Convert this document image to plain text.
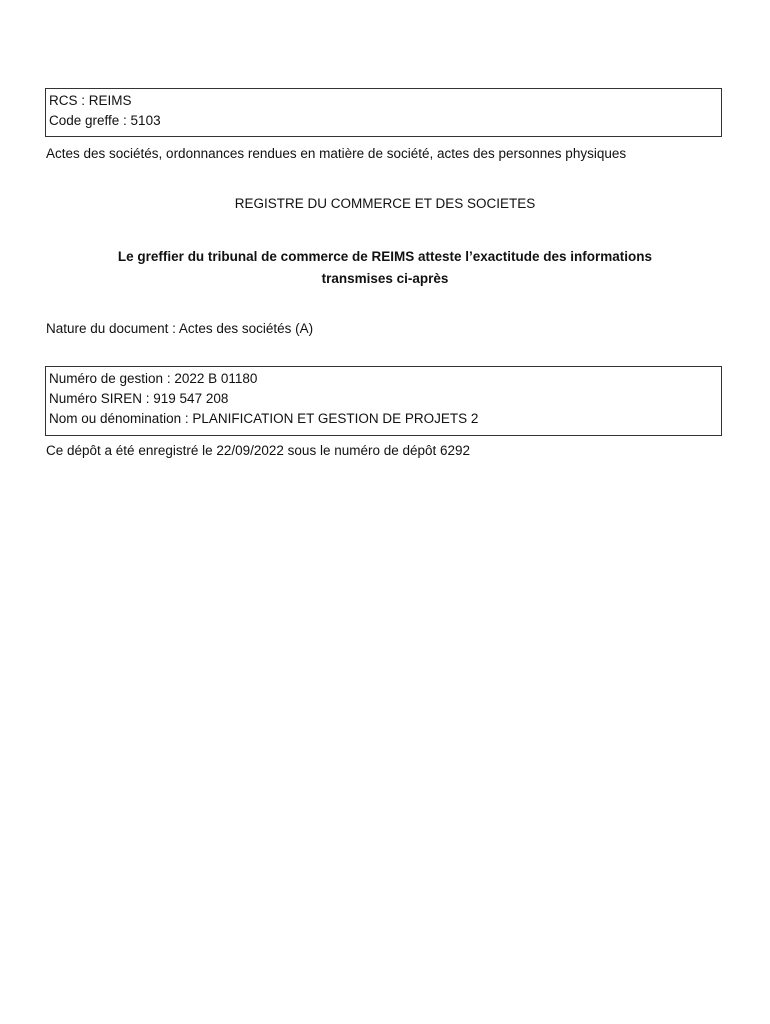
RCS : REIMS
Code greffe : 5103
Actes des sociétés, ordonnances rendues en matière de société, actes des personnes physiques
REGISTRE DU COMMERCE ET DES SOCIETES
Le greffier du tribunal de commerce de REIMS atteste l’exactitude des informations
transmises ci-après
Nature du document : Actes des sociétés (A)
Numéro de gestion : 2022 B 01180
Numéro SIREN : 919 547 208
Nom ou dénomination : PLANIFICATION ET GESTION DE PROJETS 2
Ce dépôt a été enregistré le 22/09/2022 sous le numéro de dépôt 6292
